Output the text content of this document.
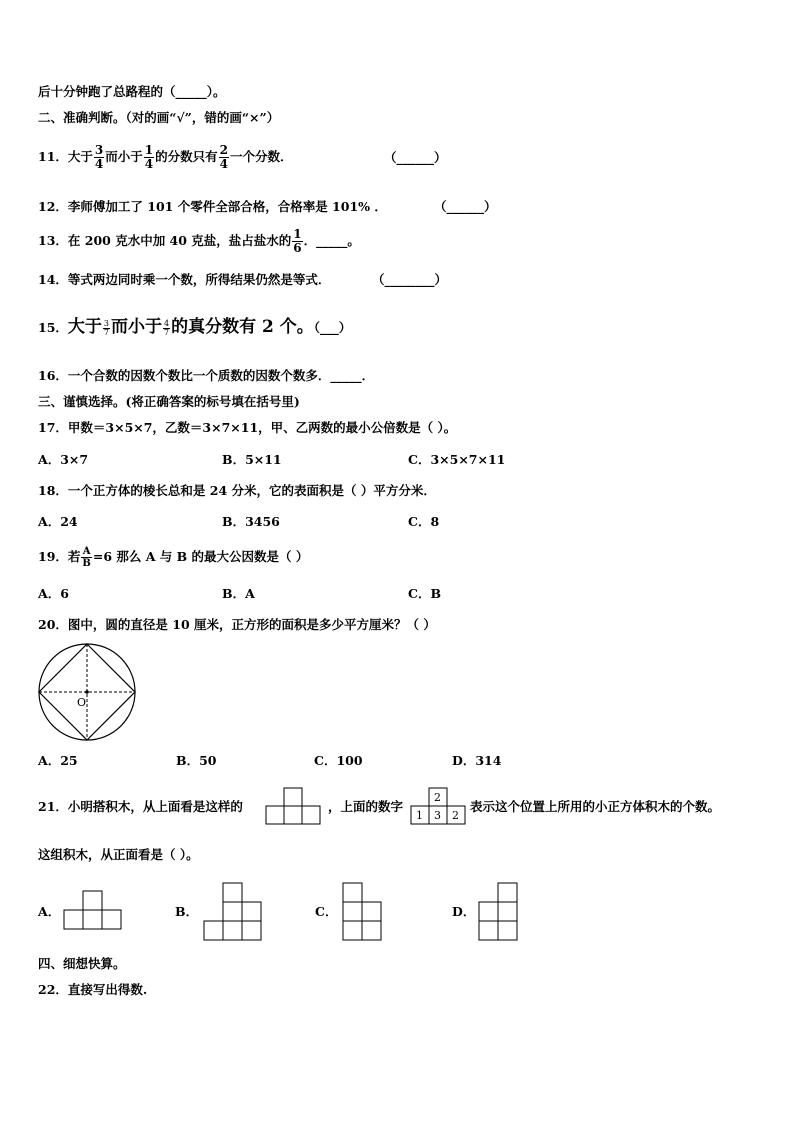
后十分钟跑了总路程的（_____）。
二、准确判断。（对的画“√”，错的画“×”）
11．大于 $\frac{3}{4}$ 而小于 $\frac{1}{4}$ 的分数只有 $\frac{2}{4}$ 一个分数．	（______）
12．李师傅加工了 101 个零件全部合格，合格率是 101% ．	（______）
13．在 200 克水中加 40 克盐，盐占盐水的 $\frac{1}{6}$ ．_____。
14．等式两边同时乘一个数，所得结果仍然是等式．	（________）
15．大于 $\frac{3}{7}$ 而小于 $\frac{4}{7}$ 的真分数有 2 个。（___）
16．一个合数的因数个数比一个质数的因数个数多．_____．
三、谨慎选择。(将正确答案的标号填在括号里)
17．甲数＝3×5×7，乙数＝3×7×11，甲、乙两数的最小公倍数是（ ）。
A．3×7	B．5×11	C．3×5×7×11
18．一个正方体的棱长总和是 24 分米，它的表面积是（ ）平方分米．
A．24	B．3456	C．8
19．若 $\frac{A}{B} =6$ 那么 A 与 B 的最大公因数是（ ）
A．6	B．A	C．B
20．图中，圆的直径是 10 厘米，正方形的面积是多少平方厘米？（ ）
O
A．25	B．50	C．100	D．314
21．小明搭积木，从上面看是这样的	，上面的数字
2
1 3 2
表示这个位置上所用的小正方体积木的个数。
这组积木，从正面看是（ ）。
A．	B．	C．	D．
四、细想快算。
22．直接写出得数.
